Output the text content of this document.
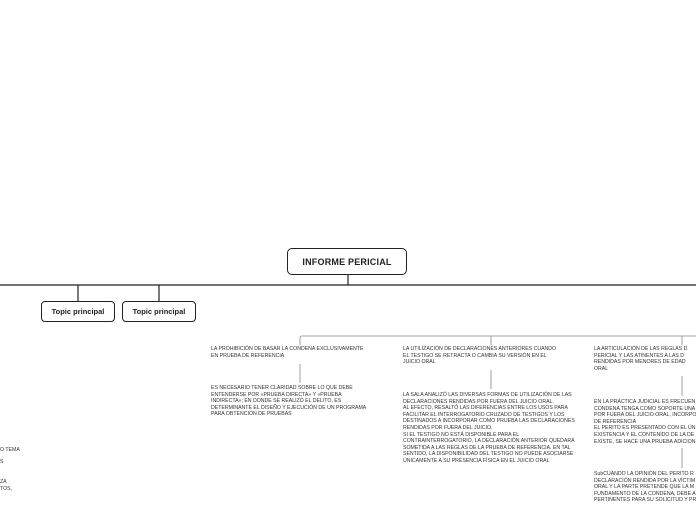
INFORME PERICIAL
Topic principal	Topic principal
LA PROHIBICIÓN DE BASAR LA CONDENA EXCLUSIVAMENTE
EN PRUEBA DE REFERENCIA
ES NECESARIO TENER CLARIDAD SOBRE LO QUE DEBE
ENTENDERSE POR «PRUEBA DIRECTA» Y «PRUEBA
INDIRECTA»; EN DONDE SE REALIZÓ EL DELITO, ES
DETERMINANTE EL DISEÑO Y EJECUCIÓN DE UN PROGRAMA
PARA OBTENCIÓN DE PRUEBAS
LA UTILIZACIÓN DE DECLARACIONES ANTERIORES CUANDO
EL TESTIGO SE RETRACTA O CAMBIA SU VERSIÓN EN EL
JUICIO ORAL
LA SALA ANALIZÓ LAS DIVERSAS FORMAS DE UTILIZACIÓN DE LAS
DECLARACIONES RENDIDAS POR FUERA DEL JUICIO ORAL.
AL EFECTO, RESALTÓ LAS DIFERENCIAS ENTRE LOS USOS PARA
FACILITAR EL INTERROGATORIO CRUZADO DE TESTIGOS Y LOS
DESTINADOS A INCORPORAR COMO PRUEBA LAS DECLARACIONES
RENDIDAS POR FUERA DEL JUICIO.
SI EL TESTIGO NO ESTÁ DISPONIBLE PARA EL
CONTRAINTERROGATORIO, LA DECLARACIÓN ANTERIOR QUEDARÁ
SOMETIDA A LAS REGLAS DE LA PRUEBA DE REFERENCIA. EN TAL
SENTIDO, LA DISPONIBILIDAD DEL TESTIGO NO PUEDE ASOCIARSE
ÚNICAMENTE A SU PRESENCIA FÍSICA EN EL JUICIO ORAL
LA ARTICULACIÓN DE LAS REGLAS D
PERICIAL Y LAS ATINENTES A LAS D
RENDIDAS POR MENORES DE EDAD
ORAL
EN LA PRÁCTICA JUDICIAL ES FRECUEN
CONDENA TENGA COMO SOPORTE UNA
POR FUERA DEL JUICIO ORAL, INCORPO
DE REFERENCIA
EL PERITO ES PRESENTADO CON EL ÚN
EXISTENCIA Y EL CONTENIDO DE LA DE
EXISTE, SE HACE UNA PRUEBA ADICION
SubCUANDO LA OPINIÓN DEL PERITO R
DECLARACIÓN RENDIDA POR LA VÍCTIM
ORAL Y LA PARTE PRETENDE QUE LA M
FUNDAMENTO DE LA CONDENA, DEBE A
PERTINENTES PARA SU SOLICITUD Y PR
O TEMA
S
ZA
TOS,
